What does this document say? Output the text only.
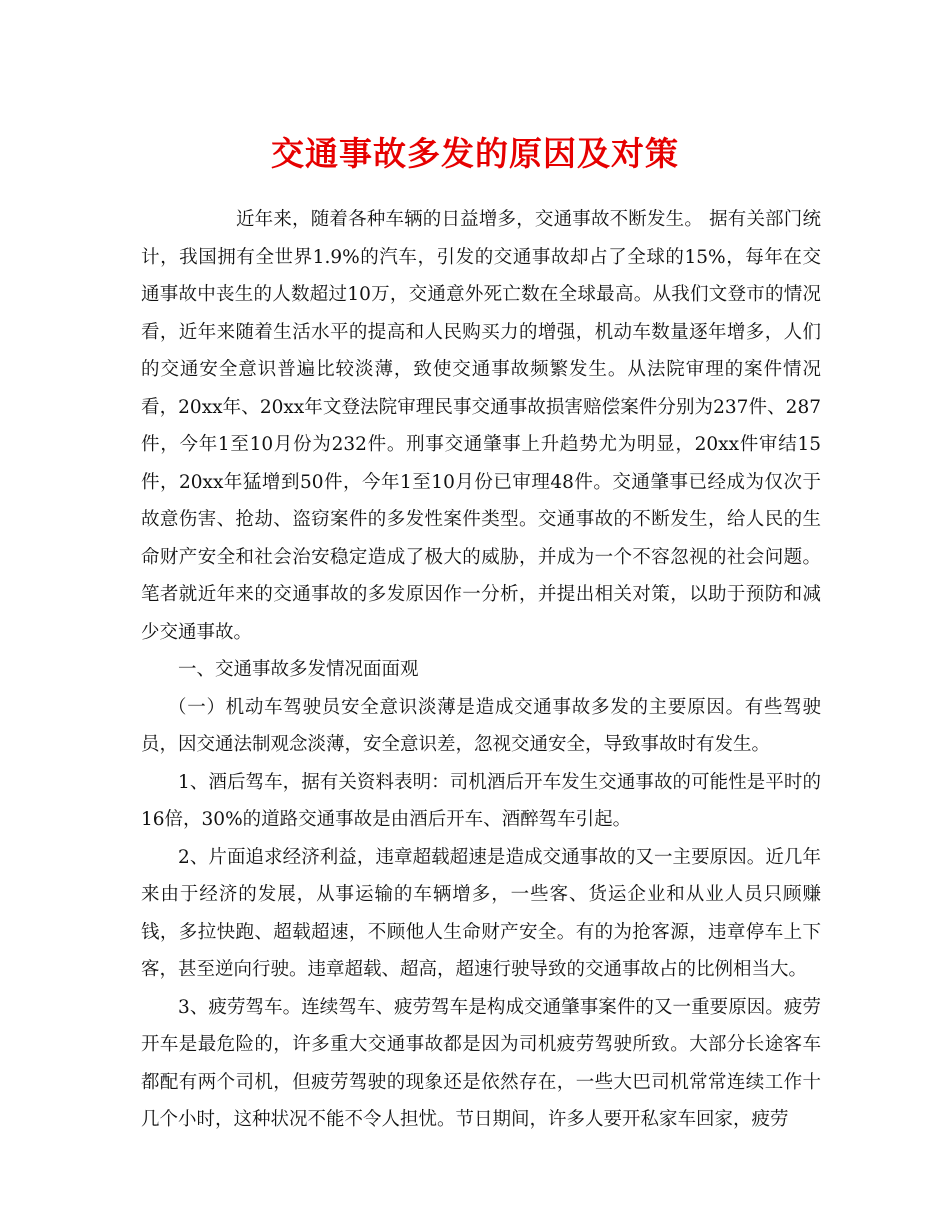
交通事故多发的原因及对策

近年来，随着各种车辆的日益增多，交通事故不断发生。 据有关部门统计，我国拥有全世界1.9%的汽车，引发的交通事故却占了全球的15%，每年在交通事故中丧生的人数超过10万，交通意外死亡数在全球最高。从我们文登市的情况看，近年来随着生活水平的提高和人民购买力的增强，机动车数量逐年增多，人们的交通安全意识普遍比较淡薄，致使交通事故频繁发生。从法院审理的案件情况看，20xx年、20xx年文登法院审理民事交通事故损害赔偿案件分别为237件、287件，今年1至10月份为232件。刑事交通肇事上升趋势尤为明显，20xx件审结15件，20xx年猛增到50件，今年1至10月份已审理48件。交通肇事已经成为仅次于故意伤害、抢劫、盗窃案件的多发性案件类型。交通事故的不断发生，给人民的生命财产安全和社会治安稳定造成了极大的威胁，并成为一个不容忽视的社会问题。笔者就近年来的交通事故的多发原因作一分析，并提出相关对策，以助于预防和减少交通事故。

一、交通事故多发情况面面观

（一）机动车驾驶员安全意识淡薄是造成交通事故多发的主要原因。有些驾驶员，因交通法制观念淡薄，安全意识差，忽视交通安全，导致事故时有发生。

1、酒后驾车，据有关资料表明：司机酒后开车发生交通事故的可能性是平时的16倍，30%的道路交通事故是由酒后开车、酒醉驾车引起。

2、片面追求经济利益，违章超载超速是造成交通事故的又一主要原因。近几年来由于经济的发展，从事运输的车辆增多，一些客、货运企业和从业人员只顾赚钱，多拉快跑、超载超速，不顾他人生命财产安全。有的为抢客源，违章停车上下客，甚至逆向行驶。违章超载、超高，超速行驶导致的交通事故占的比例相当大。

3、疲劳驾车。连续驾车、疲劳驾车是构成交通肇事案件的又一重要原因。疲劳开车是最危险的，许多重大交通事故都是因为司机疲劳驾驶所致。大部分长途客车都配有两个司机，但疲劳驾驶的现象还是依然存在，一些大巴司机常常连续工作十几个小时，这种状况不能不令人担忧。节日期间，许多人要开私家车回家，疲劳
